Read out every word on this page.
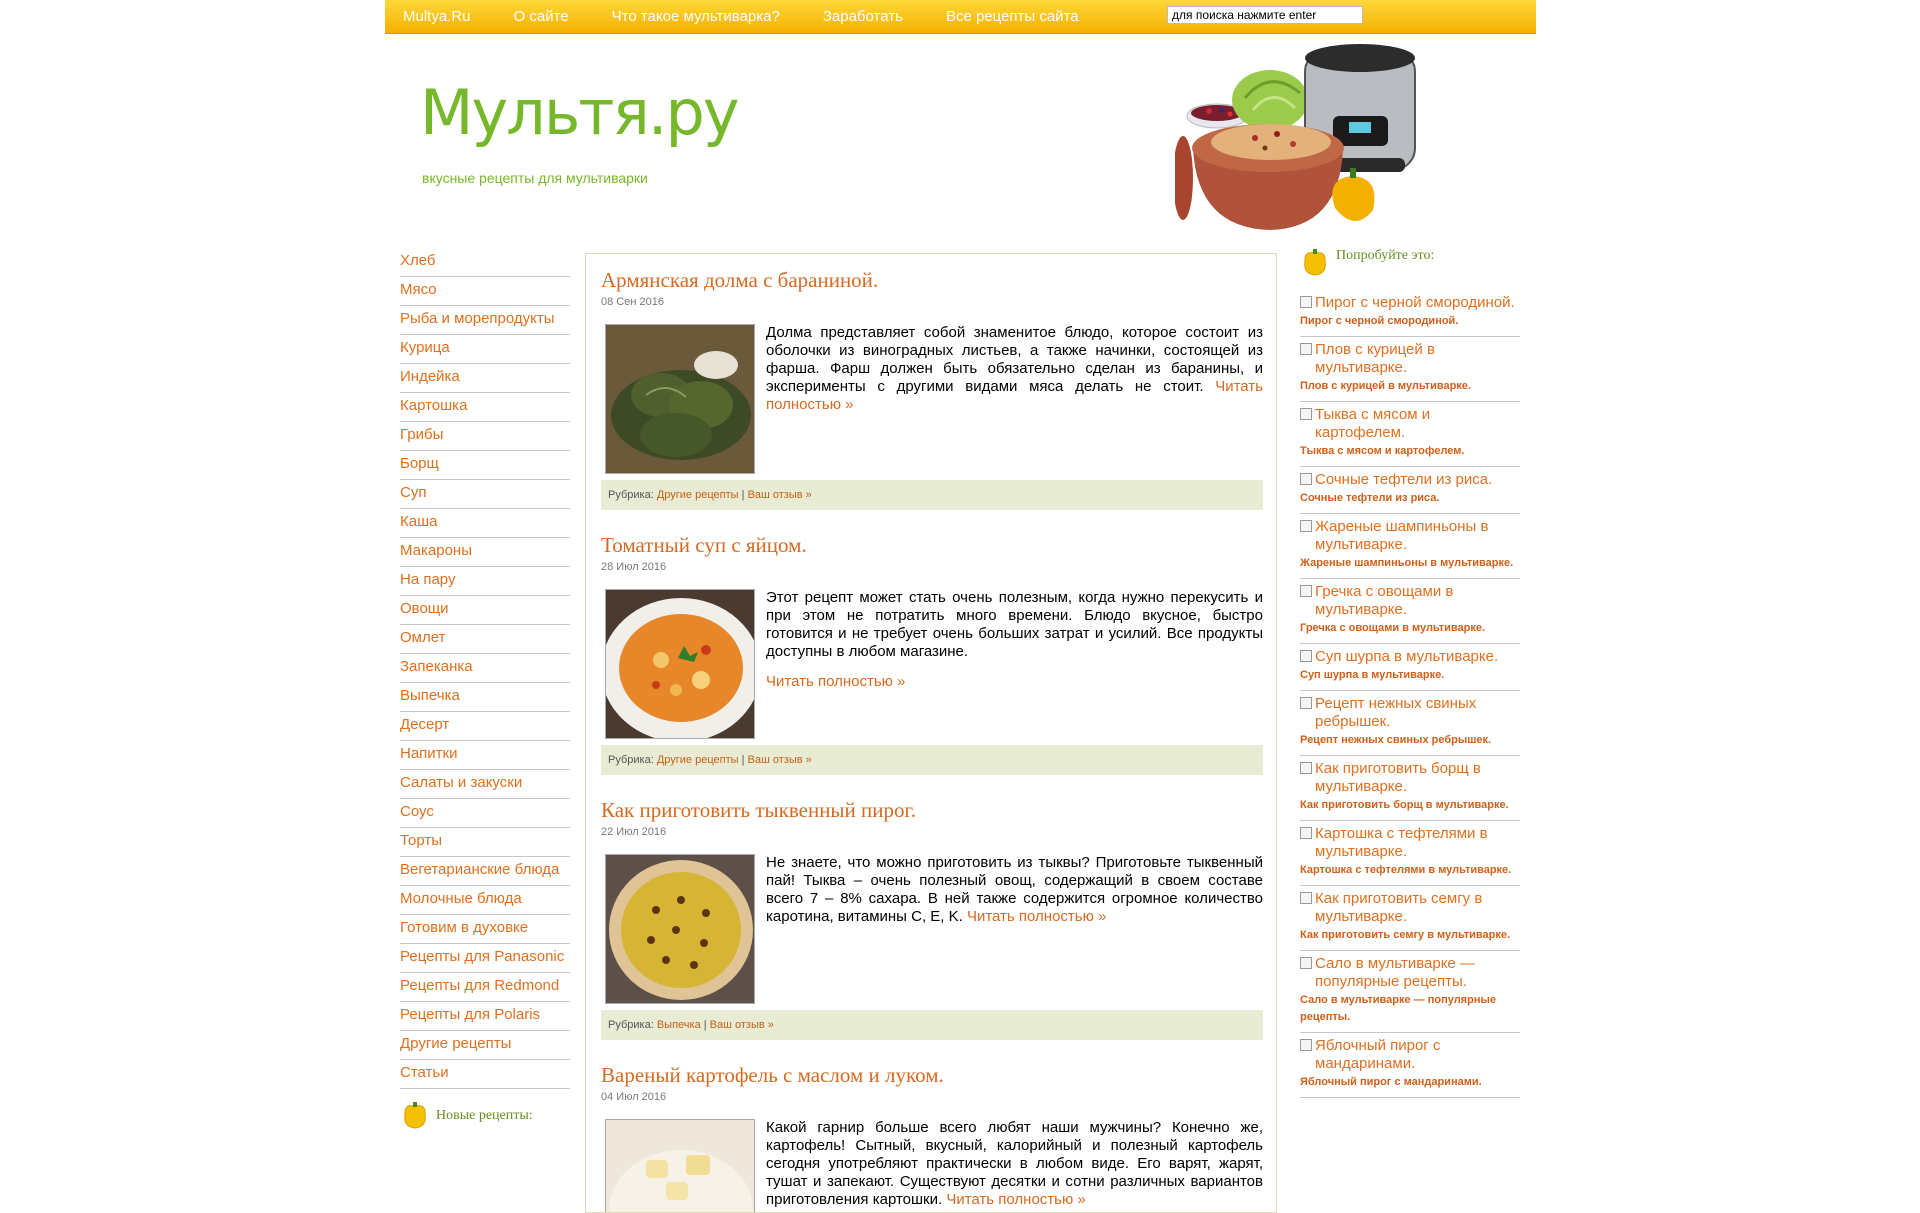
Multya.Ru	О сайте	Что такое мультиварка?	Заработать	Все рецепты сайта
для поиска нажмите enter
Мультя.ру
вкусные рецепты для мультиварки
Хлеб
Мясо
Рыба и морепродукты
Курица
Индейка
Картошка
Грибы
Борщ
Суп
Каша
Макароны
На пару
Овощи
Омлет
Запеканка
Выпечка
Десерт
Напитки
Салаты и закуски
Соус
Торты
Вегетарианские блюда
Молочные блюда
Готовим в духовке
Рецепты для Panasonic
Рецепты для Redmond
Рецепты для Polaris
Другие рецепты
Статьи
Новые рецепты:
Армянская долма с бараниной.
08 Сен 2016
Долма представляет собой знаменитое блюдо, которое состоит из оболочки из виноградных листьев, а также начинки, состоящей из фарша. Фарш должен быть обязательно сделан из баранины, и эксперименты с другими видами мяса делать не стоит. Читать полностью »
Рубрика: Другие рецепты | Ваш отзыв »
Томатный суп с яйцом.
28 Июл 2016
Этот рецепт может стать очень полезным, когда нужно перекусить и при этом не потратить много времени. Блюдо вкусное, быстро готовится и не требует очень больших затрат и усилий. Все продукты доступны в любом магазине.
Читать полностью »
Рубрика: Другие рецепты | Ваш отзыв »
Как приготовить тыквенный пирог.
22 Июл 2016
Не знаете, что можно приготовить из тыквы? Приготовьте тыквенный пай! Тыква – очень полезный овощ, содержащий в своем составе всего 7 – 8% сахара. В ней также содержится огромное количество каротина, витамины C, E, K. Читать полностью »
Рубрика: Выпечка | Ваш отзыв »
Вареный картофель с маслом и луком.
04 Июл 2016
Какой гарнир больше всего любят наши мужчины? Конечно же, картофель! Сытный, вкусный, калорийный и полезный картофель сегодня употребляют практически в любом виде. Его варят, жарят, тушат и запекают. Существуют десятки и сотни различных вариантов приготовления картошки. Читать полностью »
Попробуйте это:
Пирог с черной смородиной.
Пирог с черной смородиной.
Плов с курицей в мультиварке.
Плов с курицей в мультиварке.
Тыква с мясом и картофелем.
Тыква с мясом и картофелем.
Сочные тефтели из риса.
Сочные тефтели из риса.
Жареные шампиньоны в мультиварке.
Жареные шампиньоны в мультиварке.
Гречка с овощами в мультиварке.
Гречка с овощами в мультиварке.
Суп шурпа в мультиварке.
Суп шурпа в мультиварке.
Рецепт нежных свиных ребрышек.
Рецепт нежных свиных ребрышек.
Как приготовить борщ в мультиварке.
Как приготовить борщ в мультиварке.
Картошка с тефтелями в мультиварке.
Картошка с тефтелями в мультиварке.
Как приготовить семгу в мультиварке.
Как приготовить семгу в мультиварке.
Сало в мультиварке — популярные рецепты.
Сало в мультиварке — популярные рецепты.
Яблочный пирог с мандаринами.
Яблочный пирог с мандаринами.
